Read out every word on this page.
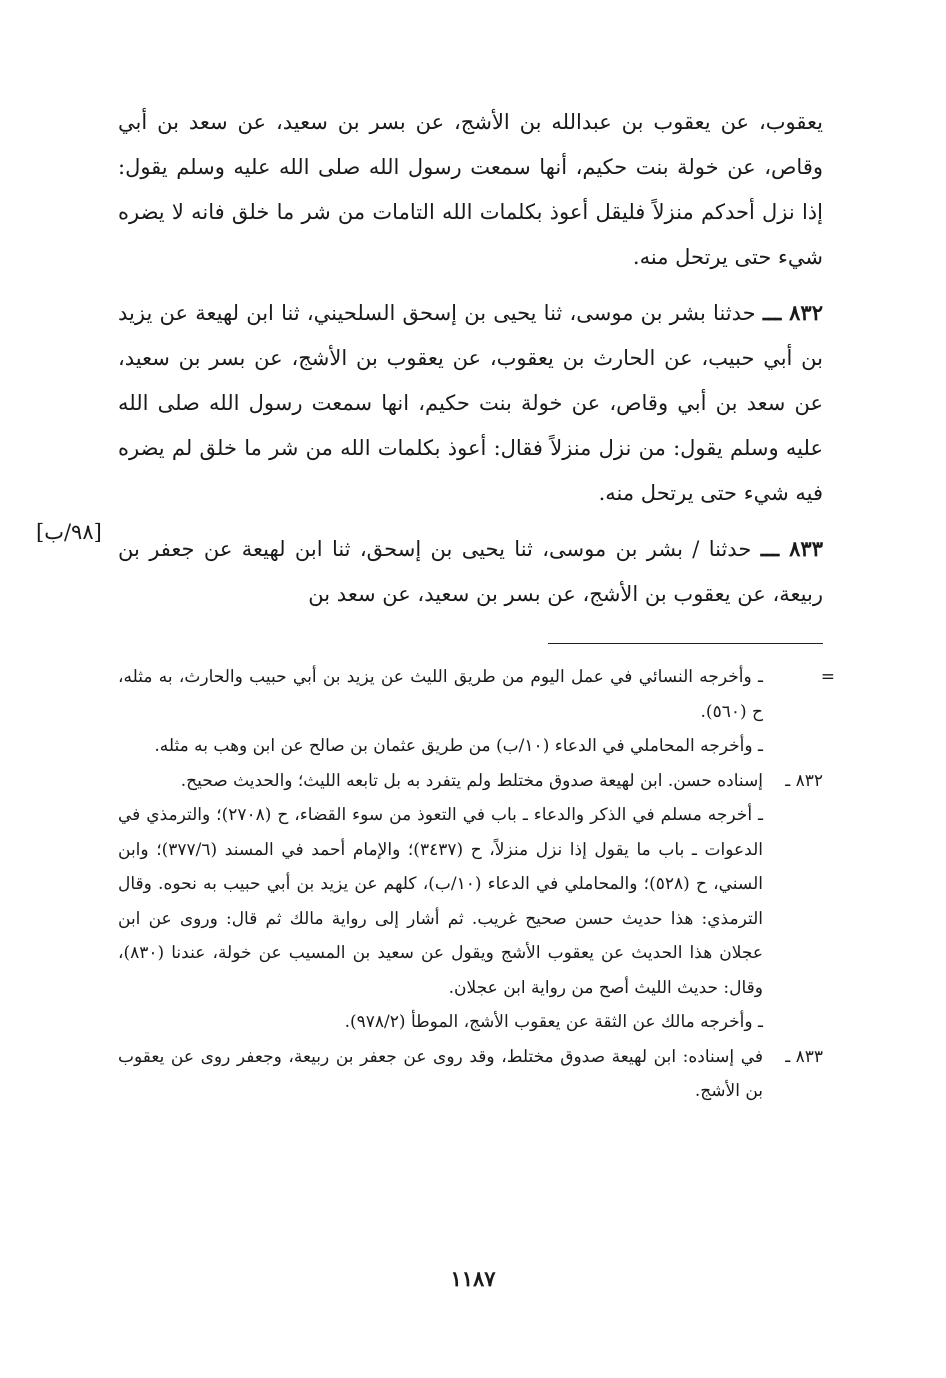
يعقوب، عن يعقوب بن عبدالله بن الأشج، عن بسر بن سعيد، عن سعد بن أبي وقاص، عن خولة بنت حكيم، أنها سمعت رسول الله صلى الله عليه وسلم يقول: إذا نزل أحدكم منزلاً فليقل أعوذ بكلمات الله التامات من شر ما خلق فانه لا يضره شيء حتى يرتحل منه.

٨٣٢ ـــ حدثنا بشر بن موسى، ثنا يحيى بن إسحق السلحيني، ثنا ابن لهيعة عن يزيد بن أبي حبيب، عن الحارث بن يعقوب، عن يعقوب بن الأشج، عن بسر بن سعيد، عن سعد بن أبي وقاص، عن خولة بنت حكيم، انها سمعت رسول الله صلى الله عليه وسلم يقول: من نزل منزلاً فقال: أعوذ بكلمات الله من شر ما خلق لم يضره فيه شيء حتى يرتحل منه.

٨٣٣ ـــ حدثنا / بشر بن موسى، ثنا يحيى بن إسحق، ثنا ابن لهيعة عن جعفر بن ربيعة، عن يعقوب بن الأشج، عن بسر بن سعيد، عن سعد بن

[٩٨/ب]
=
ـ وأخرجه النسائي في عمل اليوم من طريق الليث عن يزيد بن أبي حبيب والحارث، به مثله، ح (٥٦٠).
ـ وأخرجه المحاملي في الدعاء (١٠/ب) من طريق عثمان بن صالح عن ابن وهب به مثله.
٨٣٢ ـ
إسناده حسن. ابن لهيعة صدوق مختلط ولم يتفرد به بل تابعه الليث؛ والحديث صحيح.
ـ أخرجه مسلم في الذكر والدعاء ـ باب في التعوذ من سوء القضاء، ح (٢٧٠٨)؛ والترمذي في الدعوات ـ باب ما يقول إذا نزل منزلاً، ح (٣٤٣٧)؛ والإمام أحمد في المسند (٣٧٧/٦)؛ وابن السني، ح (٥٢٨)؛ والمحاملي في الدعاء (١٠/ب)، كلهم عن يزيد بن أبي حبيب به نحوه. وقال الترمذي: هذا حديث حسن صحيح غريب. ثم أشار إلى رواية مالك ثم قال: وروى عن ابن عجلان هذا الحديث عن يعقوب الأشج ويقول عن سعيد بن المسيب عن خولة، عندنا (٨٣٠)، وقال: حديث الليث أصح من رواية ابن عجلان.
ـ وأخرجه مالك عن الثقة عن يعقوب الأشج، الموطأ (٩٧٨/٢).
٨٣٣ ـ
في إسناده: ابن لهيعة صدوق مختلط، وقد روى عن جعفر بن ربيعة، وجعفر روى عن يعقوب بن الأشج.
١١٨٧
